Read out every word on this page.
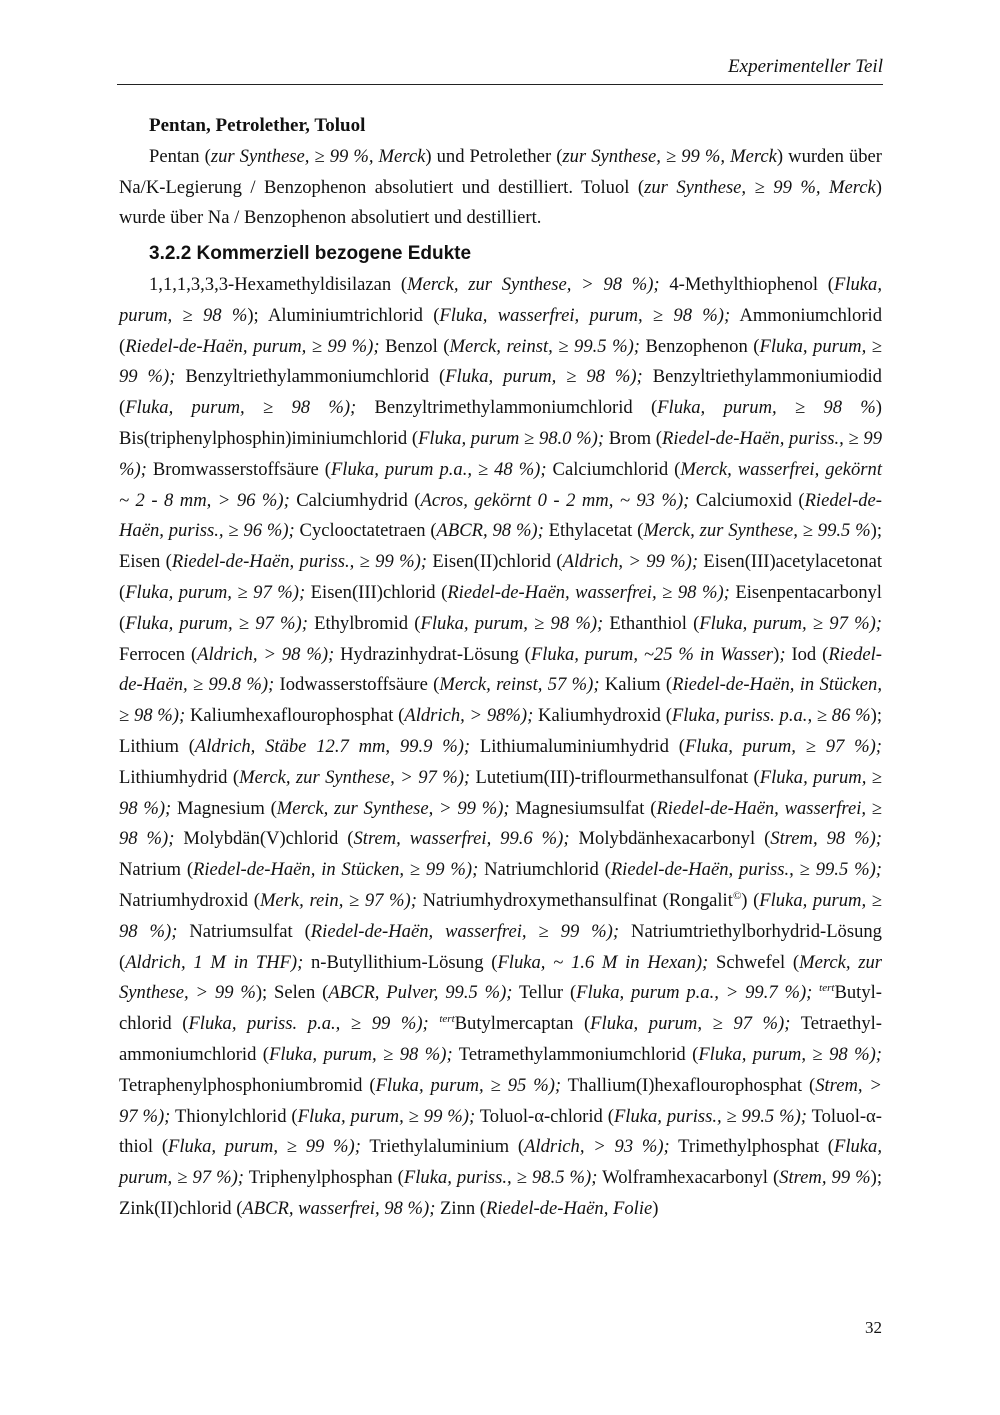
Experimenteller Teil
Pentan, Petrolether, Toluol

Pentan (zur Synthese, ≥ 99 %, Merck) und Petrolether (zur Synthese, ≥ 99 %, Merck) wurden über Na/K-Legierung / Benzophenon absolutiert und destilliert. Toluol (zur Synthese, ≥ 99 %, Merck) wurde über Na / Benzophenon absolutiert und destilliert.

3.2.2 Kommerziell bezogene Edukte

1,1,1,3,3,3-Hexamethyldisilazan (Merck, zur Synthese, > 98 %); 4-Methylthiophenol (Fluka, purum, ≥ 98 %); Aluminiumtrichlorid (Fluka, wasserfrei, purum, ≥ 98 %); Ammoniumchlorid (Riedel-de-Haën, purum, ≥ 99 %); Benzol (Merck, reinst, ≥ 99.5 %); Benzophenon (Fluka, purum, ≥ 99 %); Benzyltriethylammoniumchlorid (Fluka, purum, ≥ 98 %); Benzyltriethylammoniumiodid (Fluka, purum, ≥ 98 %); Benzyltrimethylammoniumchlorid (Fluka, purum, ≥ 98 %) Bis(triphenylphosphin)iminiumchlorid (Fluka, purum ≥ 98.0 %); Brom (Riedel-de-Haën, puriss., ≥ 99 %); Bromwasserstoffsäure (Fluka, purum p.a., ≥ 48 %); Calciumchlorid (Merck, wasserfrei, gekörnt ~ 2 - 8 mm, > 96 %); Calciumhydrid (Acros, gekörnt 0 - 2 mm, ~ 93 %); Calciumoxid (Riedel-de-Haën, puriss., ≥ 96 %); Cyclooctatetraen (ABCR, 98 %); Ethylacetat (Merck, zur Synthese, ≥ 99.5 %); Eisen (Riedel-de-Haën, puriss., ≥ 99 %); Eisen(II)chlorid (Aldrich, > 99 %); Eisen(III)acetylacetonat (Fluka, purum, ≥ 97 %); Eisen(III)chlorid (Riedel-de-Haën, wasserfrei, ≥ 98 %); Eisenpentacarbonyl (Fluka, purum, ≥ 97 %); Ethylbromid (Fluka, purum, ≥ 98 %); Ethanthiol (Fluka, purum, ≥ 97 %); Ferrocen (Aldrich, > 98 %); Hydrazinhydrat-Lösung (Fluka, purum, ~25 % in Wasser); Iod (Riedel-de-Haën, ≥ 99.8 %); Iodwasserstoffsäure (Merck, reinst, 57 %); Kalium (Riedel-de-Haën, in Stücken, ≥ 98 %); Kaliumhexaflourophosphat (Aldrich, > 98%); Kaliumhydroxid (Fluka, puriss. p.a., ≥ 86 %); Lithium (Aldrich, Stäbe 12.7 mm, 99.9 %); Lithiumaluminiumhydrid (Fluka, purum, ≥ 97 %); Lithiumhydrid (Merck, zur Synthese, > 97 %); Lutetium(III)-triflourmethansulfonat (Fluka, purum, ≥ 98 %); Magnesium (Merck, zur Synthese, > 99 %); Magnesiumsulfat (Riedel-de-Haën, wasserfrei, ≥ 98 %); Molybdän(V)chlorid (Strem, wasserfrei, 99.6 %); Molybdänhexacarbonyl (Strem, 98 %); Natrium (Riedel-de-Haën, in Stücken, ≥ 99 %); Natriumchlorid (Riedel-de-Haën, puriss., ≥ 99.5 %); Natriumhydroxid (Merk, rein, ≥ 97 %); Natriumhydroxymethansulfinat (Rongalit©) (Fluka, purum, ≥ 98 %); Natriumsulfat (Riedel-de-Haën, wasserfrei, ≥ 99 %); Natriumtriethylborhydrid-Lösung (Aldrich, 1 M in THF); n-Butyllithium-Lösung (Fluka, ~ 1.6 M in Hexan); Schwefel (Merck, zur Synthese, > 99 %); Selen (ABCR, Pulver, 99.5 %); Tellur (Fluka, purum p.a., > 99.7 %); $^{tert}$Butylchlorid (Fluka, puriss. p.a., ≥ 99 %); $^{tert}$Butylmercaptan (Fluka, purum, ≥ 97 %); Tetraethylammoniumchlorid (Fluka, purum, ≥ 98 %); Tetramethylammoniumchlorid (Fluka, purum, ≥ 98 %); Tetraphenylphosphoniumbromid (Fluka, purum, ≥ 95 %); Thallium(I)hexaflourophosphat (Strem, > 97 %); Thionylchlorid (Fluka, purum, ≥ 99 %); Toluol-α-chlorid (Fluka, puriss., ≥ 99.5 %); Toluol-α-thiol (Fluka, purum, ≥ 99 %); Triethylaluminium (Aldrich, > 93 %); Trimethylphosphat (Fluka, purum, ≥ 97 %); Triphenylphosphan (Fluka, puriss., ≥ 98.5 %); Wolframhexacarbonyl (Strem, 99 %); Zink(II)chlorid (ABCR, wasserfrei, 98 %); Zinn (Riedel-de-Haën, Folie)

32
